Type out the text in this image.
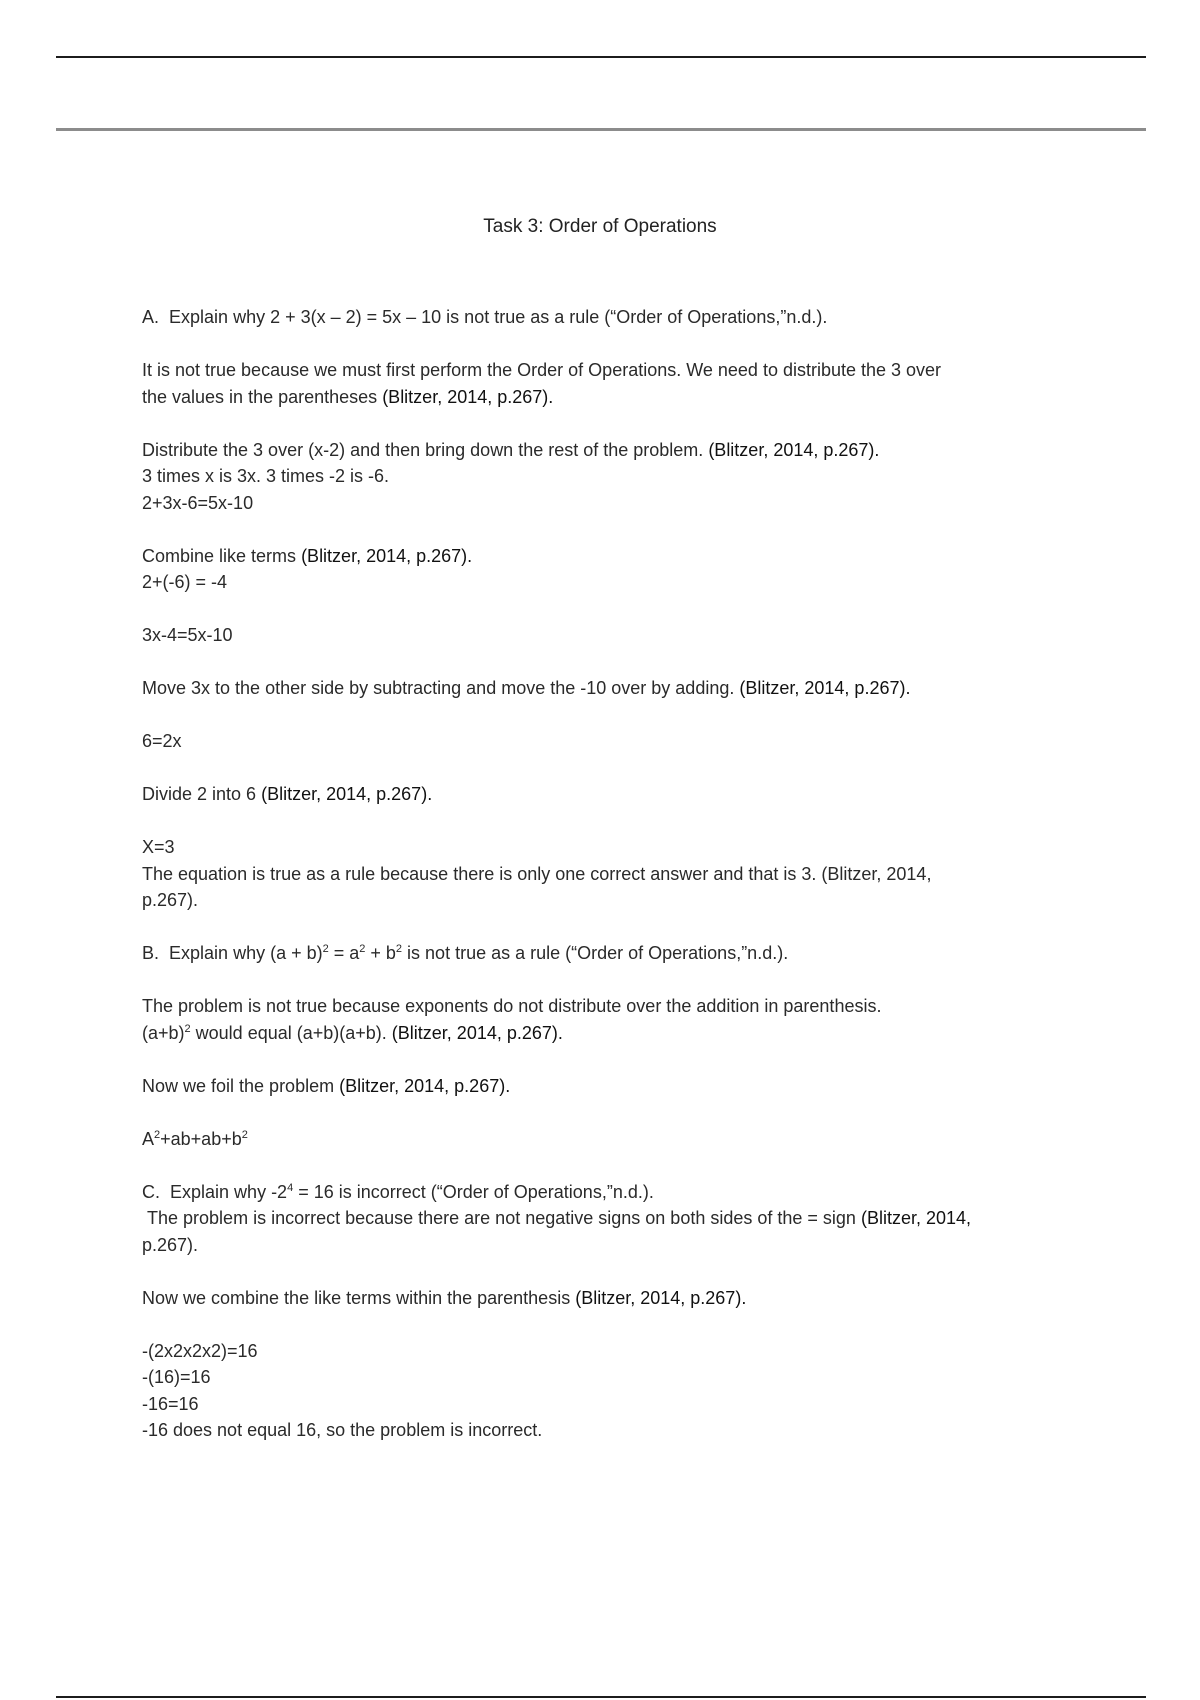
Task 3: Order of Operations
A. Explain why 2 + 3(x – 2) = 5x – 10 is not true as a rule (“Order of Operations,”n.d.).
It is not true because we must first perform the Order of Operations. We need to distribute the 3 over
the values in the parentheses (Blitzer, 2014, p.267).
Distribute the 3 over (x-2) and then bring down the rest of the problem. (Blitzer, 2014, p.267).
3 times x is 3x. 3 times -2 is -6.
2+3x-6=5x-10
Combine like terms (Blitzer, 2014, p.267).
2+(-6) = -4
3x-4=5x-10
Move 3x to the other side by subtracting and move the -10 over by adding. (Blitzer, 2014, p.267).
6=2x
Divide 2 into 6 (Blitzer, 2014, p.267).
X=3
The equation is true as a rule because there is only one correct answer and that is 3. (Blitzer, 2014,
p.267).
B. Explain why $(a + b)^2 = a^2 + b^2$ is not true as a rule (“Order of Operations,”n.d.).
The problem is not true because exponents do not distribute over the addition in parenthesis.
$(a+b)^2$ would equal (a+b)(a+b). (Blitzer, 2014, p.267).
Now we foil the problem (Blitzer, 2014, p.267).
$A^2+ab+ab+b^2$
C. Explain why $-2^4 = 16$ is incorrect (“Order of Operations,”n.d.).
The problem is incorrect because there are not negative signs on both sides of the = sign (Blitzer, 2014,
p.267).
Now we combine the like terms within the parenthesis (Blitzer, 2014, p.267).
-(2x2x2x2)=16
-(16)=16
-16=16
-16 does not equal 16, so the problem is incorrect.
